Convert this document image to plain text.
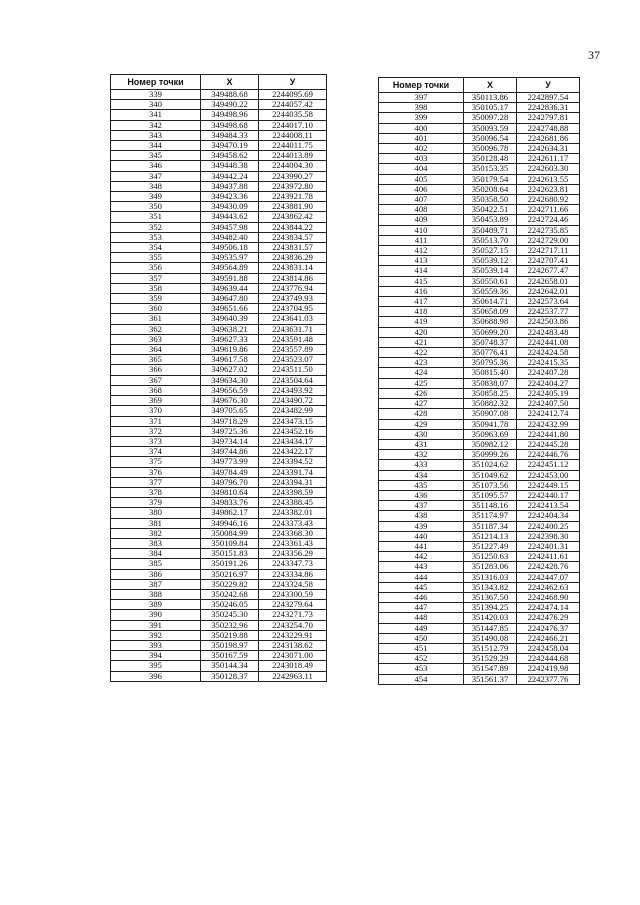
37
Номер точки	X	У
339	349488.68	2244095.69
340	349490.22	2244057.42
341	349498.96	2244035.58
342	349498.68	2244017.10
343	349484.33	2244008.11
344	349470.19	2244011.75
345	349458.62	2244013.89
346	349448.38	2244004.30
347	349442.24	2243990.27
348	349437.88	2243972.80
349	349423.36	2243921.78
350	349430.09	2243881.90
351	349443.62	2243862.42
352	349457.98	2243844.22
353	349482.40	2243834.57
354	349506.18	2243831.57
355	349535.97	2243836.29
356	349564.89	2243831.14
357	349591.88	2243814.86
358	349639.44	2243776.94
359	349647.80	2243749.93
360	349651.66	2243704.95
361	349640.39	2243641.03
362	349638.21	2243631.71
363	349627.33	2243591.48
364	349619.86	2243557.89
365	349617.58	2243523.07
366	349627.02	2243511.50
367	349634.30	2243504.64
368	349656.59	2243493.92
369	349676.30	2243490.72
370	349705.65	2243482.99
371	349718.29	2243473.15
372	349725.36	2243452.16
373	349734.14	2243434.17
374	349744.86	2243422.17
375	349773.99	2243394.52
376	349784.49	2243391.74
377	349796.70	2243394.31
378	349810.64	2243398.59
379	349833.76	2243388.45
380	349862.17	2243382.01
381	349946.16	2243373.43
382	350084.99	2243368.30
383	350109.84	2243361.43
384	350151.83	2243356.29
385	350191.26	2243347.73
386	350216.97	2243334.86
387	350229.82	2243324.58
388	350242.68	2243300.59
389	350246.05	2243279.64
390	350245.30	2243271.73
391	350232.96	2243254.70
392	350219.88	2243229.91
393	350198.97	2243138.62
394	350167.59	2243071.00
395	350144.34	2243018.49
396	350128.37	2242963.11
Номер точки	X	У
397	350113.86	2242897.54
398	350105.17	2242836.31
399	350097.28	2242797.81
400	350093.59	2242748.88
401	350096.54	2242681.86
402	350096.78	2242634.31
403	350128.48	2242611.17
404	350153.35	2242603.30
405	350179.54	2242613.55
406	350208.64	2242623.81
407	350358.50	2242680.92
408	350422.51	2242711.66
409	350453.89	2242724.46
410	350489.71	2242735.85
411	350513.70	2242729.00
412	350527.15	2242717.11
413	350539.12	2242707.41
414	350539.14	2242677.47
415	350550.61	2242658.01
416	350559.36	2242642.01
417	350614.71	2242573.64
418	350658.09	2242537.77
419	350688.98	2242503.86
420	350699.20	2242483.48
421	350748.37	2242441.08
422	350776.41	2242424.58
423	350795.36	2242415.35
424	350815.40	2242407.28
425	350838.07	2242404.27
426	350858.25	2242405.19
427	350882.32	2242407.50
428	350907.08	2242412.74
429	350941.78	2242432.99
430	350963.69	2242441.80
431	350982.12	2242445.28
432	350999.26	2242446.76
433	351024.62	2242451.12
434	351049.62	2242453.00
435	351073.56	2242449.15
436	351095.57	2242440.17
437	351148.16	2242413.54
438	351174.97	2242404.34
439	351187.34	2242400.25
440	351214.13	2242398.30
441	351227.49	2242401.31
442	351250.63	2242411.61
443	351283.06	2242428.76
444	351316.03	2242447.07
445	351343.82	2242462.63
446	351367.50	2242468.90
447	351394.25	2242474.14
448	351420.03	2242476.29
449	351447.85	2242476.37
450	351490.08	2242466.21
451	351512.79	2242458.04
452	351529.29	2242444.68
453	351547.89	2242419.98
454	351561.37	2242377.76
